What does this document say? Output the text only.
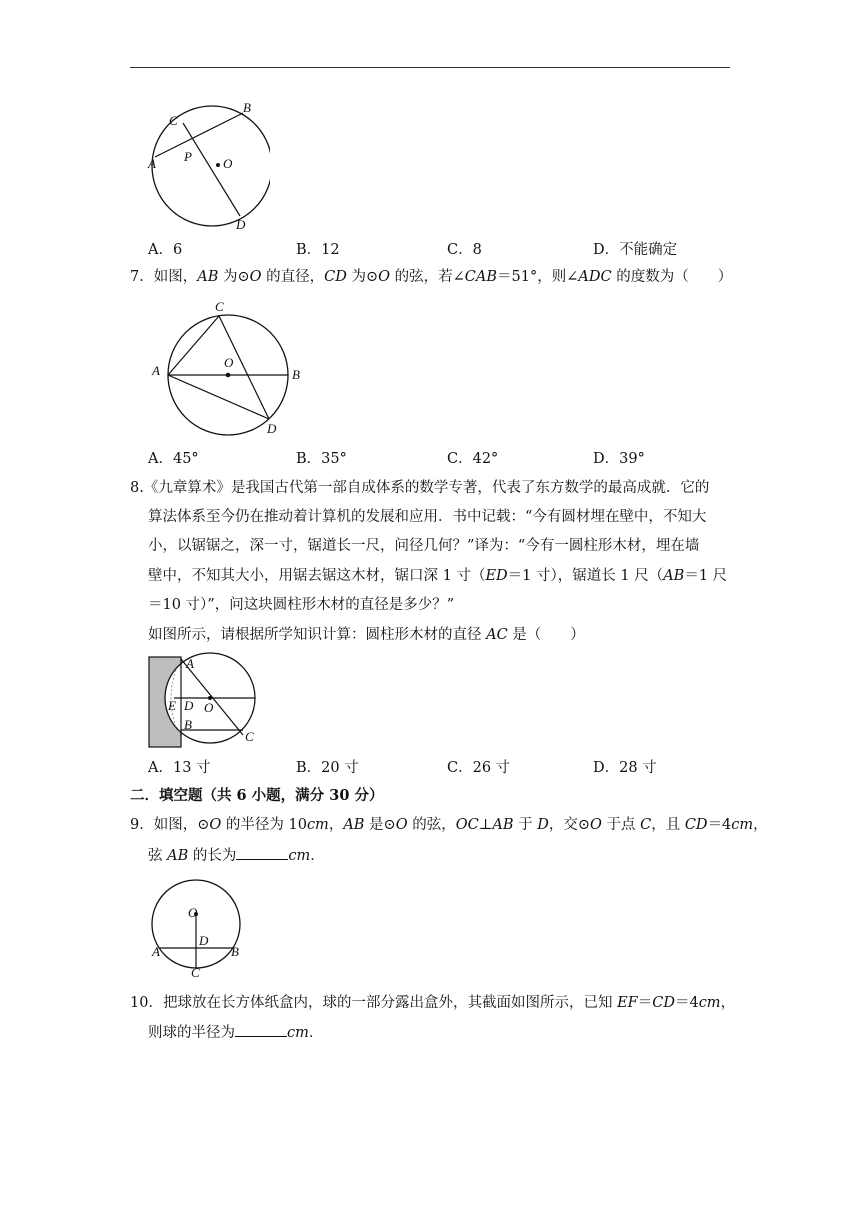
B
C
A P O
D
A．6	B．12	C．8	D．不能确定
7．如图，AB 为⊙O 的直径，CD 为⊙O 的弦，若∠CAB＝51°，则∠ADC 的度数为（　　）
C
O
A	B
D
A．45°	B．35°	C．42°	D．39°
8.《九章算术》是我国古代第一部自成体系的数学专著，代表了东方数学的最高成就．它的
算法体系至今仍在推动着计算机的发展和应用．书中记载：“今有圆材埋在壁中，不知大
小，以锯锯之，深一寸，锯道长一尺，问径几何？”译为：“今有一圆柱形木材，埋在墙
壁中，不知其大小，用锯去锯这木材，锯口深 1 寸（ED＝1 寸），锯道长 1 尺（AB＝1 尺
＝10 寸）”，问这块圆柱形木材的直径是多少？”
如图所示，请根据所学知识计算：圆柱形木材的直径 AC 是（　　）
A
E D O
B
C
A．13 寸	B．20 寸	C．26 寸	D．28 寸
二．填空题（共 6 小题，满分 30 分）
9．如图，⊙O 的半径为 10cm，AB 是⊙O 的弦，OC⊥AB 于 D，交⊙O 于点 C，且 CD＝4cm，
弦 AB 的长为	cm．
O
D
A	B
C
10．把球放在长方体纸盒内，球的一部分露出盒外，其截面如图所示，已知 EF＝CD＝4cm，
则球的半径为	cm．
